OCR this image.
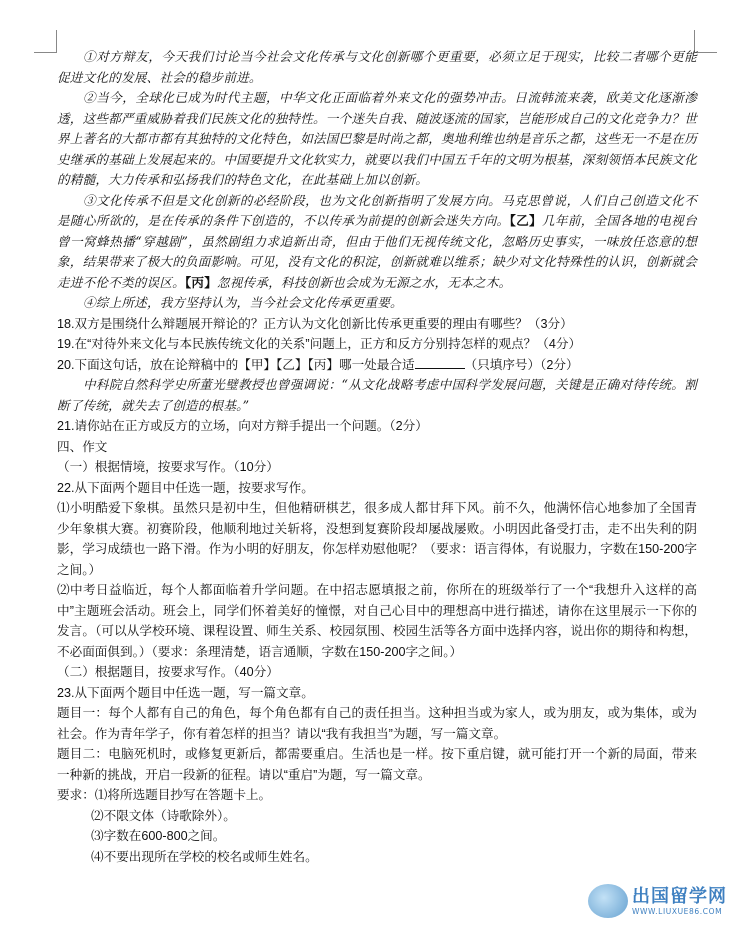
①对方辩友，今天我们讨论当今社会文化传承与文化创新哪个更重要，必须立足于现实，比较二者哪个更能促进文化的发展、社会的稳步前进。

②当今，全球化已成为时代主题，中华文化正面临着外来文化的强势冲击。日流韩流来袭，欧美文化逐渐渗透，这些都严重威胁着我们民族文化的独特性。一个迷失自我、随波逐流的国家，岂能形成自己的文化竞争力？世界上著名的大都市都有其独特的文化特色，如法国巴黎是时尚之都，奥地利维也纳是音乐之都，这些无一不是在历史继承的基础上发展起来的。中国要提升文化软实力，就要以我们中国五千年的文明为根基，深刻领悟本民族文化的精髓，大力传承和弘扬我们的特色文化，在此基础上加以创新。

③文化传承不但是文化创新的必经阶段，也为文化创新指明了发展方向。马克思曾说，人们自己创造文化不是随心所欲的，是在传承的条件下创造的，不以传承为前提的创新会迷失方向。【乙】几年前，全国各地的电视台曾一窝蜂热播“穿越剧”，虽然剧组力求追新出奇，但由于他们无视传统文化，忽略历史事实，一味放任恣意的想象，结果带来了极大的负面影响。可见，没有文化的积淀，创新就难以维系；缺少对文化特殊性的认识，创新就会走进不伦不类的误区。【丙】忽视传承，科技创新也会成为无源之水，无本之木。

④综上所述，我方坚持认为，当今社会文化传承更重要。

18.双方是围绕什么辩题展开辩论的？正方认为文化创新比传承更重要的理由有哪些？（3分）

19.在“对待外来文化与本民族传统文化的关系”问题上，正方和反方分别持怎样的观点？（4分）

20.下面这句话，放在论辩稿中的【甲】【乙】【丙】哪一处最合适	（只填序号）（2分）

中科院自然科学史所董光璧教授也曾强调说：“从文化战略考虑中国科学发展问题，关键是正确对待传统。割断了传统，就失去了创造的根基。”

21.请你站在正方或反方的立场，向对方辩手提出一个问题。（2分）

四、作文

（一）根据情境，按要求写作。（10分）

22.从下面两个题目中任选一题，按要求写作。

⑴小明酷爱下象棋。虽然只是初中生，但他精研棋艺，很多成人都甘拜下风。前不久，他满怀信心地参加了全国青少年象棋大赛。初赛阶段，他顺利地过关斩将，没想到复赛阶段却屡战屡败。小明因此备受打击，走不出失利的阴影，学习成绩也一路下滑。作为小明的好朋友，你怎样劝慰他呢？（要求：语言得体，有说服力，字数在150-200字之间。）

⑵中考日益临近，每个人都面临着升学问题。在中招志愿填报之前，你所在的班级举行了一个“我想升入这样的高中”主题班会活动。班会上，同学们怀着美好的憧憬，对自己心目中的理想高中进行描述，请你在这里展示一下你的发言。（可以从学校环境、课程设置、师生关系、校园氛围、校园生活等各方面中选择内容，说出你的期待和构想，不必面面俱到。）（要求：条理清楚，语言通顺，字数在150-200字之间。）

（二）根据题目，按要求写作。（40分）

23.从下面两个题目中任选一题，写一篇文章。

题目一：每个人都有自己的角色，每个角色都有自己的责任担当。这种担当或为家人，或为朋友，或为集体，或为社会。作为青年学子，你有着怎样的担当？请以“我有我担当”为题，写一篇文章。

题目二：电脑死机时，或修复更新后，都需要重启。生活也是一样。按下重启键，就可能打开一个新的局面，带来一种新的挑战，开启一段新的征程。请以“重启”为题，写一篇文章。

要求：⑴将所选题目抄写在答题卡上。

⑵不限文体（诗歌除外）。

⑶字数在600-800之间。

⑷不要出现所在学校的校名或师生姓名。

出国留学网
WWW.LIUXUE86.COM
